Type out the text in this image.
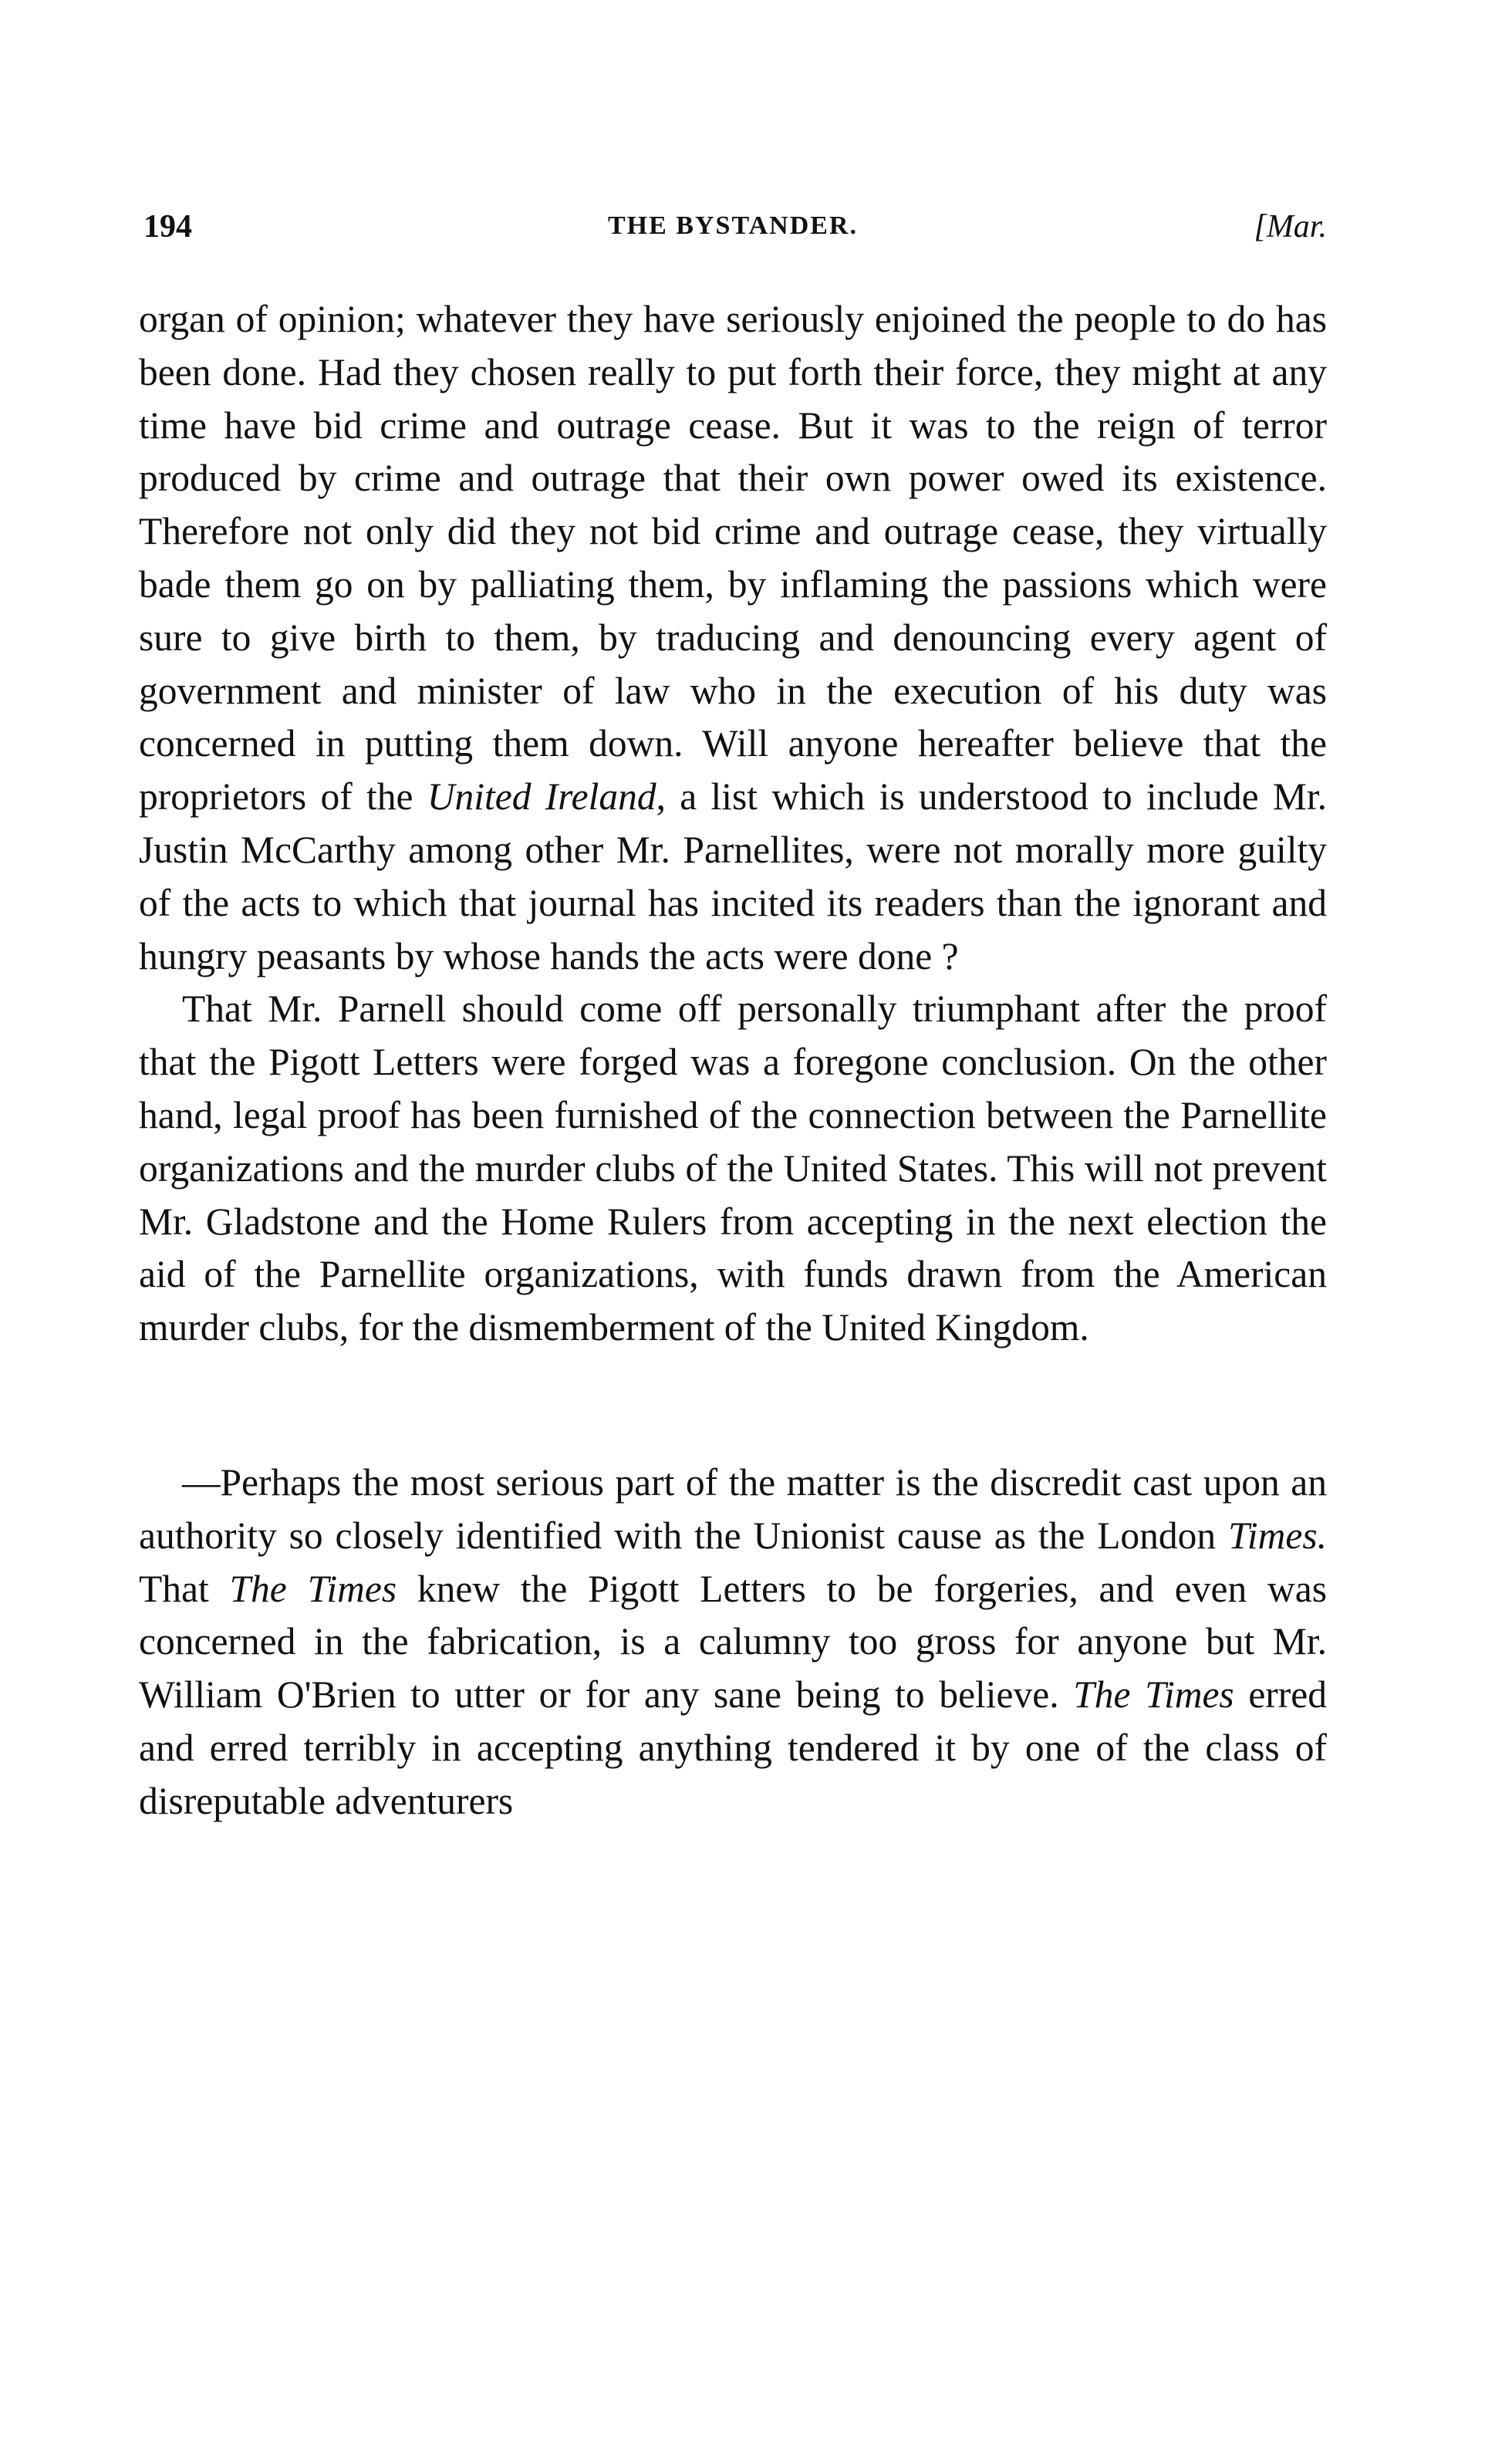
194	THE BYSTANDER.	[Mar.

organ of opinion; whatever they have seriously enjoined the people to do has been done. Had they chosen really to put forth their force, they might at any time have bid crime and outrage cease. But it was to the reign of terror produced by crime and outrage that their own power owed its existence. Therefore not only did they not bid crime and outrage cease, they virtually bade them go on by palliating them, by inflaming the passions which were sure to give birth to them, by traducing and denouncing every agent of government and minister of law who in the execution of his duty was concerned in putting them down. Will anyone hereafter believe that the proprietors of the United Ireland, a list which is understood to include Mr. Justin McCarthy among other Mr. Parnellites, were not morally more guilty of the acts to which that journal has incited its readers than the ignorant and hungry peasants by whose hands the acts were done ?

That Mr. Parnell should come off personally triumphant after the proof that the Pigott Letters were forged was a foregone conclusion. On the other hand, legal proof has been furnished of the connection between the Parnellite organizations and the murder clubs of the United States. This will not prevent Mr. Gladstone and the Home Rulers from accepting in the next election the aid of the Parnellite organizations, with funds drawn from the American murder clubs, for the dismemberment of the United Kingdom.

—Perhaps the most serious part of the matter is the discredit cast upon an authority so closely identified with the Unionist cause as the London Times. That The Times knew the Pigott Letters to be forgeries, and even was concerned in the fabrication, is a calumny too gross for anyone but Mr. William O'Brien to utter or for any sane being to believe. The Times erred and erred terribly in accepting anything tendered it by one of the class of disreputable adventurers
